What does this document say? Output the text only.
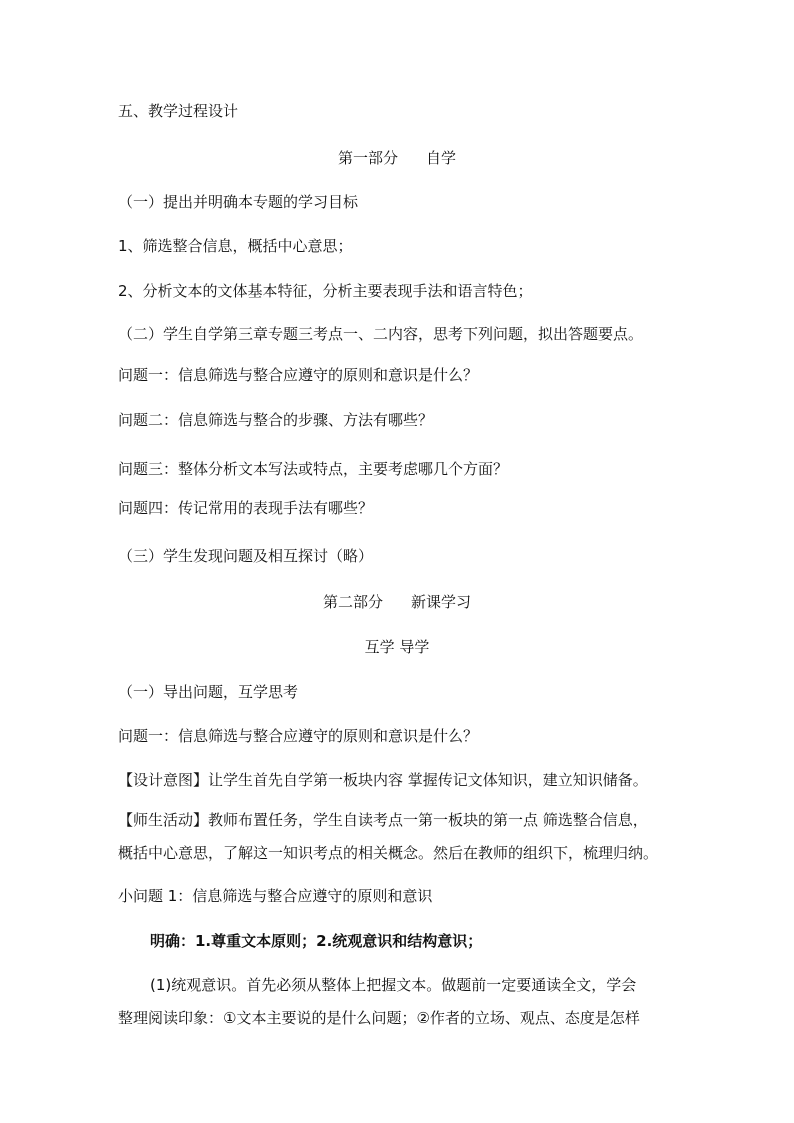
五、教学过程设计
第一部分 自学
（一）提出并明确本专题的学习目标
1、筛选整合信息，概括中心意思；
2、分析文本的文体基本特征，分析主要表现手法和语言特色；
（二）学生自学第三章专题三考点一、二内容，思考下列问题，拟出答题要点。
问题一：信息筛选与整合应遵守的原则和意识是什么？
问题二：信息筛选与整合的步骤、方法有哪些？
问题三：整体分析文本写法或特点，主要考虑哪几个方面？
问题四：传记常用的表现手法有哪些？
（三）学生发现问题及相互探讨（略）
第二部分 新课学习
互学 导学
（一）导出问题，互学思考
问题一：信息筛选与整合应遵守的原则和意识是什么？
【设计意图】让学生首先自学第一板块内容 掌握传记文体知识，建立知识储备。
【师生活动】教师布置任务，学生自读考点一第一板块的第一点 筛选整合信息，
概括中心意思，了解这一知识考点的相关概念。然后在教师的组织下，梳理归纳。
小问题 1：信息筛选与整合应遵守的原则和意识
明确：1.尊重文本原则；2.统观意识和结构意识；
(1)统观意识。首先必须从整体上把握文本。做题前一定要通读全文，学会
整理阅读印象：①文本主要说的是什么问题；②作者的立场、观点、态度是怎样
